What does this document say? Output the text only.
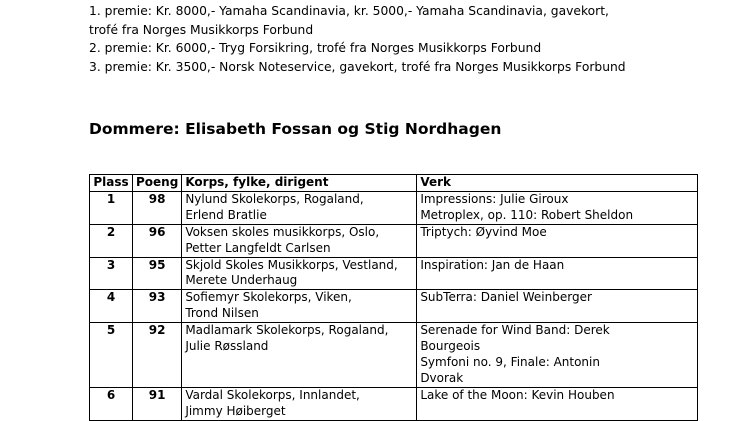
1. premie: Kr. 8000,- Yamaha Scandinavia, kr. 5000,- Yamaha Scandinavia, gavekort,

trofé fra Norges Musikkorps Forbund

2. premie: Kr. 6000,- Tryg Forsikring, trofé fra Norges Musikkorps Forbund

3. premie: Kr. 3500,- Norsk Noteservice, gavekort, trofé fra Norges Musikkorps Forbund

Dommere: Elisabeth Fossan og Stig Nordhagen
Plass	Poeng	Korps, fylke, dirigent	Verk
1	98	Nylund Skolekorps, Rogaland,
Erlend Bratlie	Impressions: Julie Giroux
Metroplex, op. 110: Robert Sheldon

2	96	Voksen skoles musikkorps, Oslo,
Petter Langfeldt Carlsen	Triptych: Øyvind Moe

3	95	Skjold Skoles Musikkorps, Vestland,
Merete Underhaug	Inspiration: Jan de Haan

4	93	Sofiemyr Skolekorps, Viken,
Trond Nilsen	SubTerra: Daniel Weinberger

5	92	Madlamark Skolekorps, Rogaland,
Julie Røssland	Serenade for Wind Band: Derek
Bourgeois
Symfoni no. 9, Finale: Antonin
Dvorak

6	91	Vardal Skolekorps, Innlandet,
Jimmy Høiberget	Lake of the Moon: Kevin Houben
